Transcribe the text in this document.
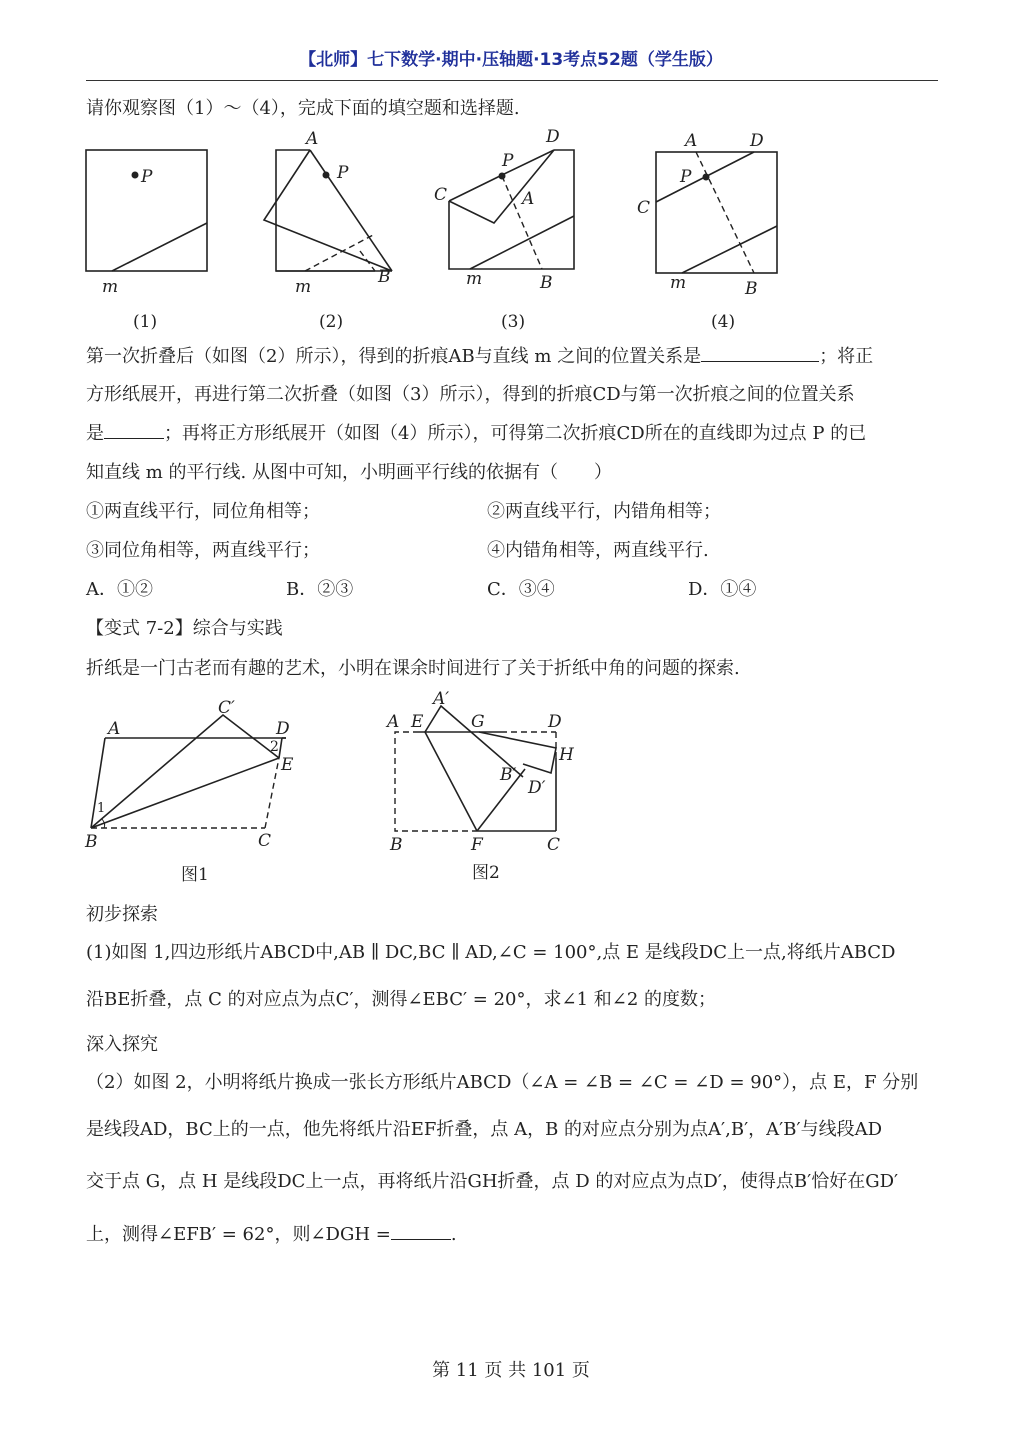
【北师】七下数学·期中·压轴题·13考点52题（学生版）
请你观察图（1）～（4），完成下面的填空题和选择题.
P
m
A
P
m	B
D
P
C	A
m	B
A	D
P
C
m	B
(1)	(2)	(3)	(4)
第一次折叠后（如图（2）所示），得到的折痕AB与直线 m 之间的位置关系是	；将正
方形纸展开，再进行第二次折叠（如图（3）所示），得到的折痕CD与第一次折痕之间的位置关系
是	；再将正方形纸展开（如图（4）所示），可得第二次折痕CD所在的直线即为过点 P 的已
知直线 m 的平行线. 从图中可知，小明画平行线的依据有（　　）
①两直线平行，同位角相等；	②两直线平行，内错角相等；
③同位角相等，两直线平行；	④内错角相等，两直线平行.
A．①②	B．②③	C．③④	D．①④
【变式 7-2】综合与实践
折纸是一门古老而有趣的艺术，小明在课余时间进行了关于折纸中角的问题的探索.
C′
A	D
2
E
1
B	C
A′
A E	G	D
H
B′
D′
B	F	C
图1	图2
初步探索
(1)如图 1,四边形纸片ABCD中,AB ∥ DC,BC ∥ AD,∠C = 100°,点 E 是线段DC上一点,将纸片ABCD
沿BE折叠，点 C 的对应点为点C′，测得∠EBC′ = 20°，求∠1 和∠2 的度数；
深入探究
（2）如图 2，小明将纸片换成一张长方形纸片ABCD（∠A = ∠B = ∠C = ∠D = 90°），点 E，F 分别
是线段AD，BC上的一点，他先将纸片沿EF折叠，点 A，B 的对应点分别为点A′,B′，A′B′与线段AD
交于点 G，点 H 是线段DC上一点，再将纸片沿GH折叠，点 D 的对应点为点D′，使得点B′恰好在GD′
上，测得∠EFB′ = 62°，则∠DGH =	.
第 11 页 共 101 页
